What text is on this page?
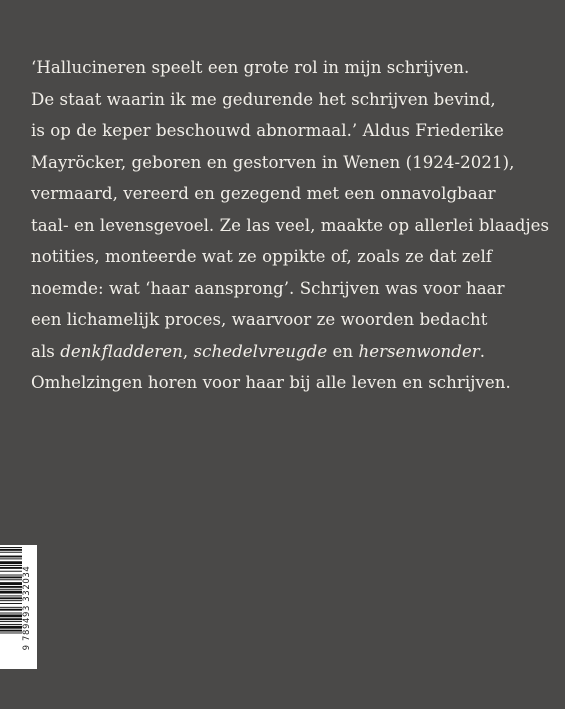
‘Hallucineren speelt een grote rol in mijn schrijven.
De staat waarin ik me gedurende het schrijven bevind,
is op de keper beschouwd abnormaal.’ Aldus Friederike
Mayröcker, geboren en gestorven in Wenen (1924-2021),
vermaard, vereerd en gezegend met een onnavolgbaar
taal- en levensgevoel. Ze las veel, maakte op allerlei blaadjes
notities, monteerde wat ze oppikte of, zoals ze dat zelf
noemde: wat ‘haar aansprong’. Schrijven was voor haar
een lichamelijk proces, waarvoor ze woorden bedacht
als denkfladderen, schedelvreugde en hersenwonder.
Omhelzingen horen voor haar bij alle leven en schrijven.

9 789493 332034
